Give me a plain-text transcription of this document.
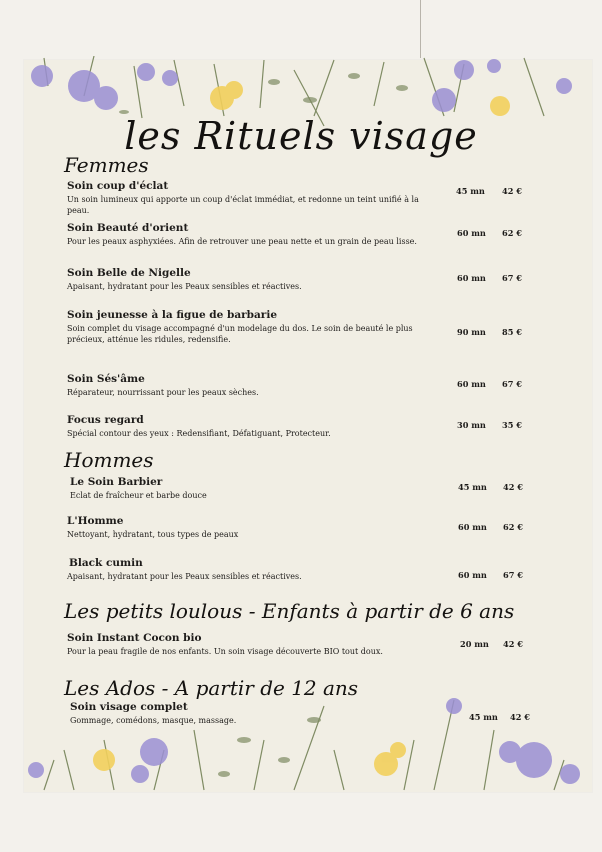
les Rituels visage
Femmes
Hommes
Les petits loulous - Enfants à partir de 6 ans
Les Ados - A partir de 12 ans
Soin coup d'éclat
Un soin lumineux qui apporte un coup d'éclat immédiat, et redonne un teint unifié à la peau.
Soin Beauté d'orient
Pour les peaux asphyxiées. Afin de retrouver une peau nette et un grain de peau lisse.
Soin Belle de Nigelle
Apaisant, hydratant pour les Peaux sensibles et réactives.
Soin jeunesse à la figue de barbarie
Soin complet du visage accompagné d'un modelage du dos. Le soin de beauté le plus précieux, atténue les ridules, redensifie.
Soin Sés'âme
Réparateur, nourrissant pour les peaux sèches.
Focus regard
Spécial contour des yeux : Redensifiant, Défatiguant, Protecteur.
Le Soin Barbier
Eclat de fraîcheur et barbe douce
L'Homme
Nettoyant, hydratant, tous types de peaux
Black cumin
Apaisant, hydratant pour les Peaux sensibles et réactives.
Soin Instant Cocon bio
Pour la peau fragile de nos enfants. Un soin visage découverte BIO tout doux.
Soin visage complet
Gommage, comédons, masque, massage.
45 mn 42 €
60 mn 62 €
60 mn 67 €
90 mn 85 €
60 mn 67 €
30 mn 35 €
45 mn 42 €
60 mn 62 €
60 mn 67 €
20 mn 42 €
45 mn 42 €
